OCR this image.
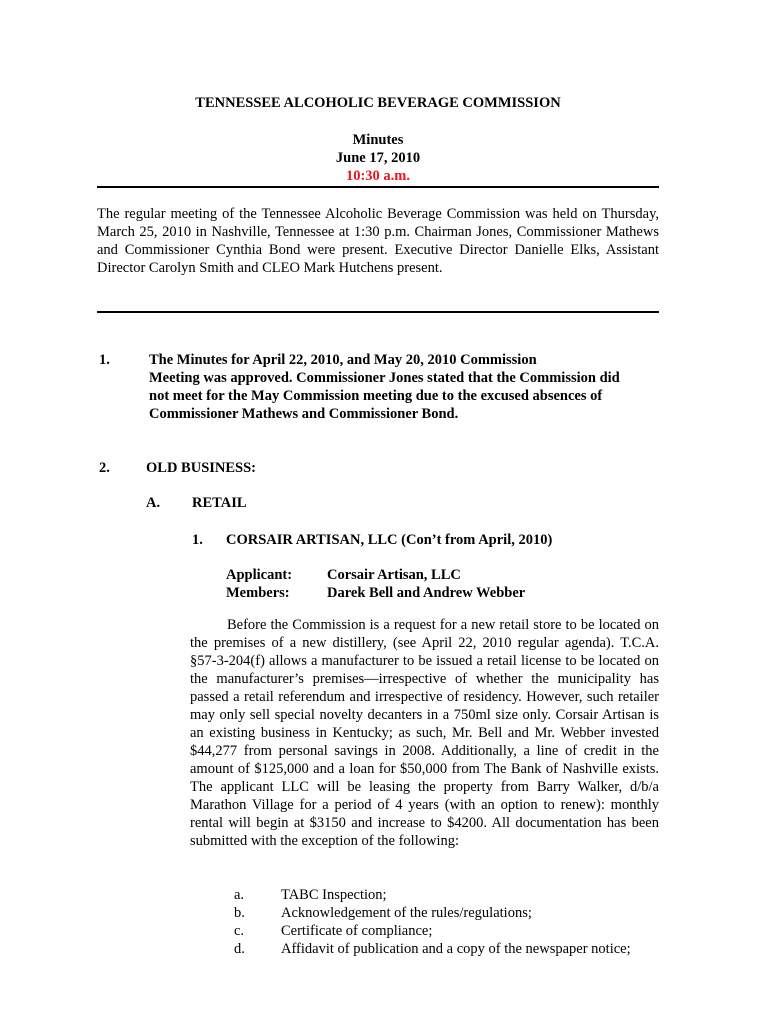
TENNESSEE ALCOHOLIC BEVERAGE COMMISSION
Minutes
June 17, 2010
10:30 a.m.
The regular meeting of the Tennessee Alcoholic Beverage Commission was held on Thursday, March 25, 2010 in Nashville, Tennessee at 1:30 p.m. Chairman Jones, Commissioner Mathews and Commissioner Cynthia Bond were present. Executive Director Danielle Elks, Assistant Director Carolyn Smith and CLEO Mark Hutchens present.
1.	The Minutes for April 22, 2010, and May 20, 2010 Commission
Meeting was approved. Commissioner Jones stated that the Commission did
not meet for the May Commission meeting due to the excused absences of
Commissioner Mathews and Commissioner Bond.
2. OLD BUSINESS:
A. RETAIL
1. CORSAIR ARTISAN, LLC (Con’t from April, 2010)
Applicant: Corsair Artisan, LLC
Members:	Darek Bell and Andrew Webber
Before the Commission is a request for a new retail store to be located on the premises of a new distillery, (see April 22, 2010 regular agenda). T.C.A. §57-3-204(f) allows a manufacturer to be issued a retail license to be located on the manufacturer’s premises—irrespective of whether the municipality has passed a retail referendum and irrespective of residency. However, such retailer may only sell special novelty decanters in a 750ml size only. Corsair Artisan is an existing business in Kentucky; as such, Mr. Bell and Mr. Webber invested $44,277 from personal savings in 2008. Additionally, a line of credit in the amount of $125,000 and a loan for $50,000 from The Bank of Nashville exists. The applicant LLC will be leasing the property from Barry Walker, d/b/a Marathon Village for a period of 4 years (with an option to renew): monthly rental will begin at $3150 and increase to $4200. All documentation has been submitted with the exception of the following:
a.	TABC Inspection;
b. Acknowledgement of the rules/regulations;
c.	Certificate of compliance;
d. Affidavit of publication and a copy of the newspaper notice;
